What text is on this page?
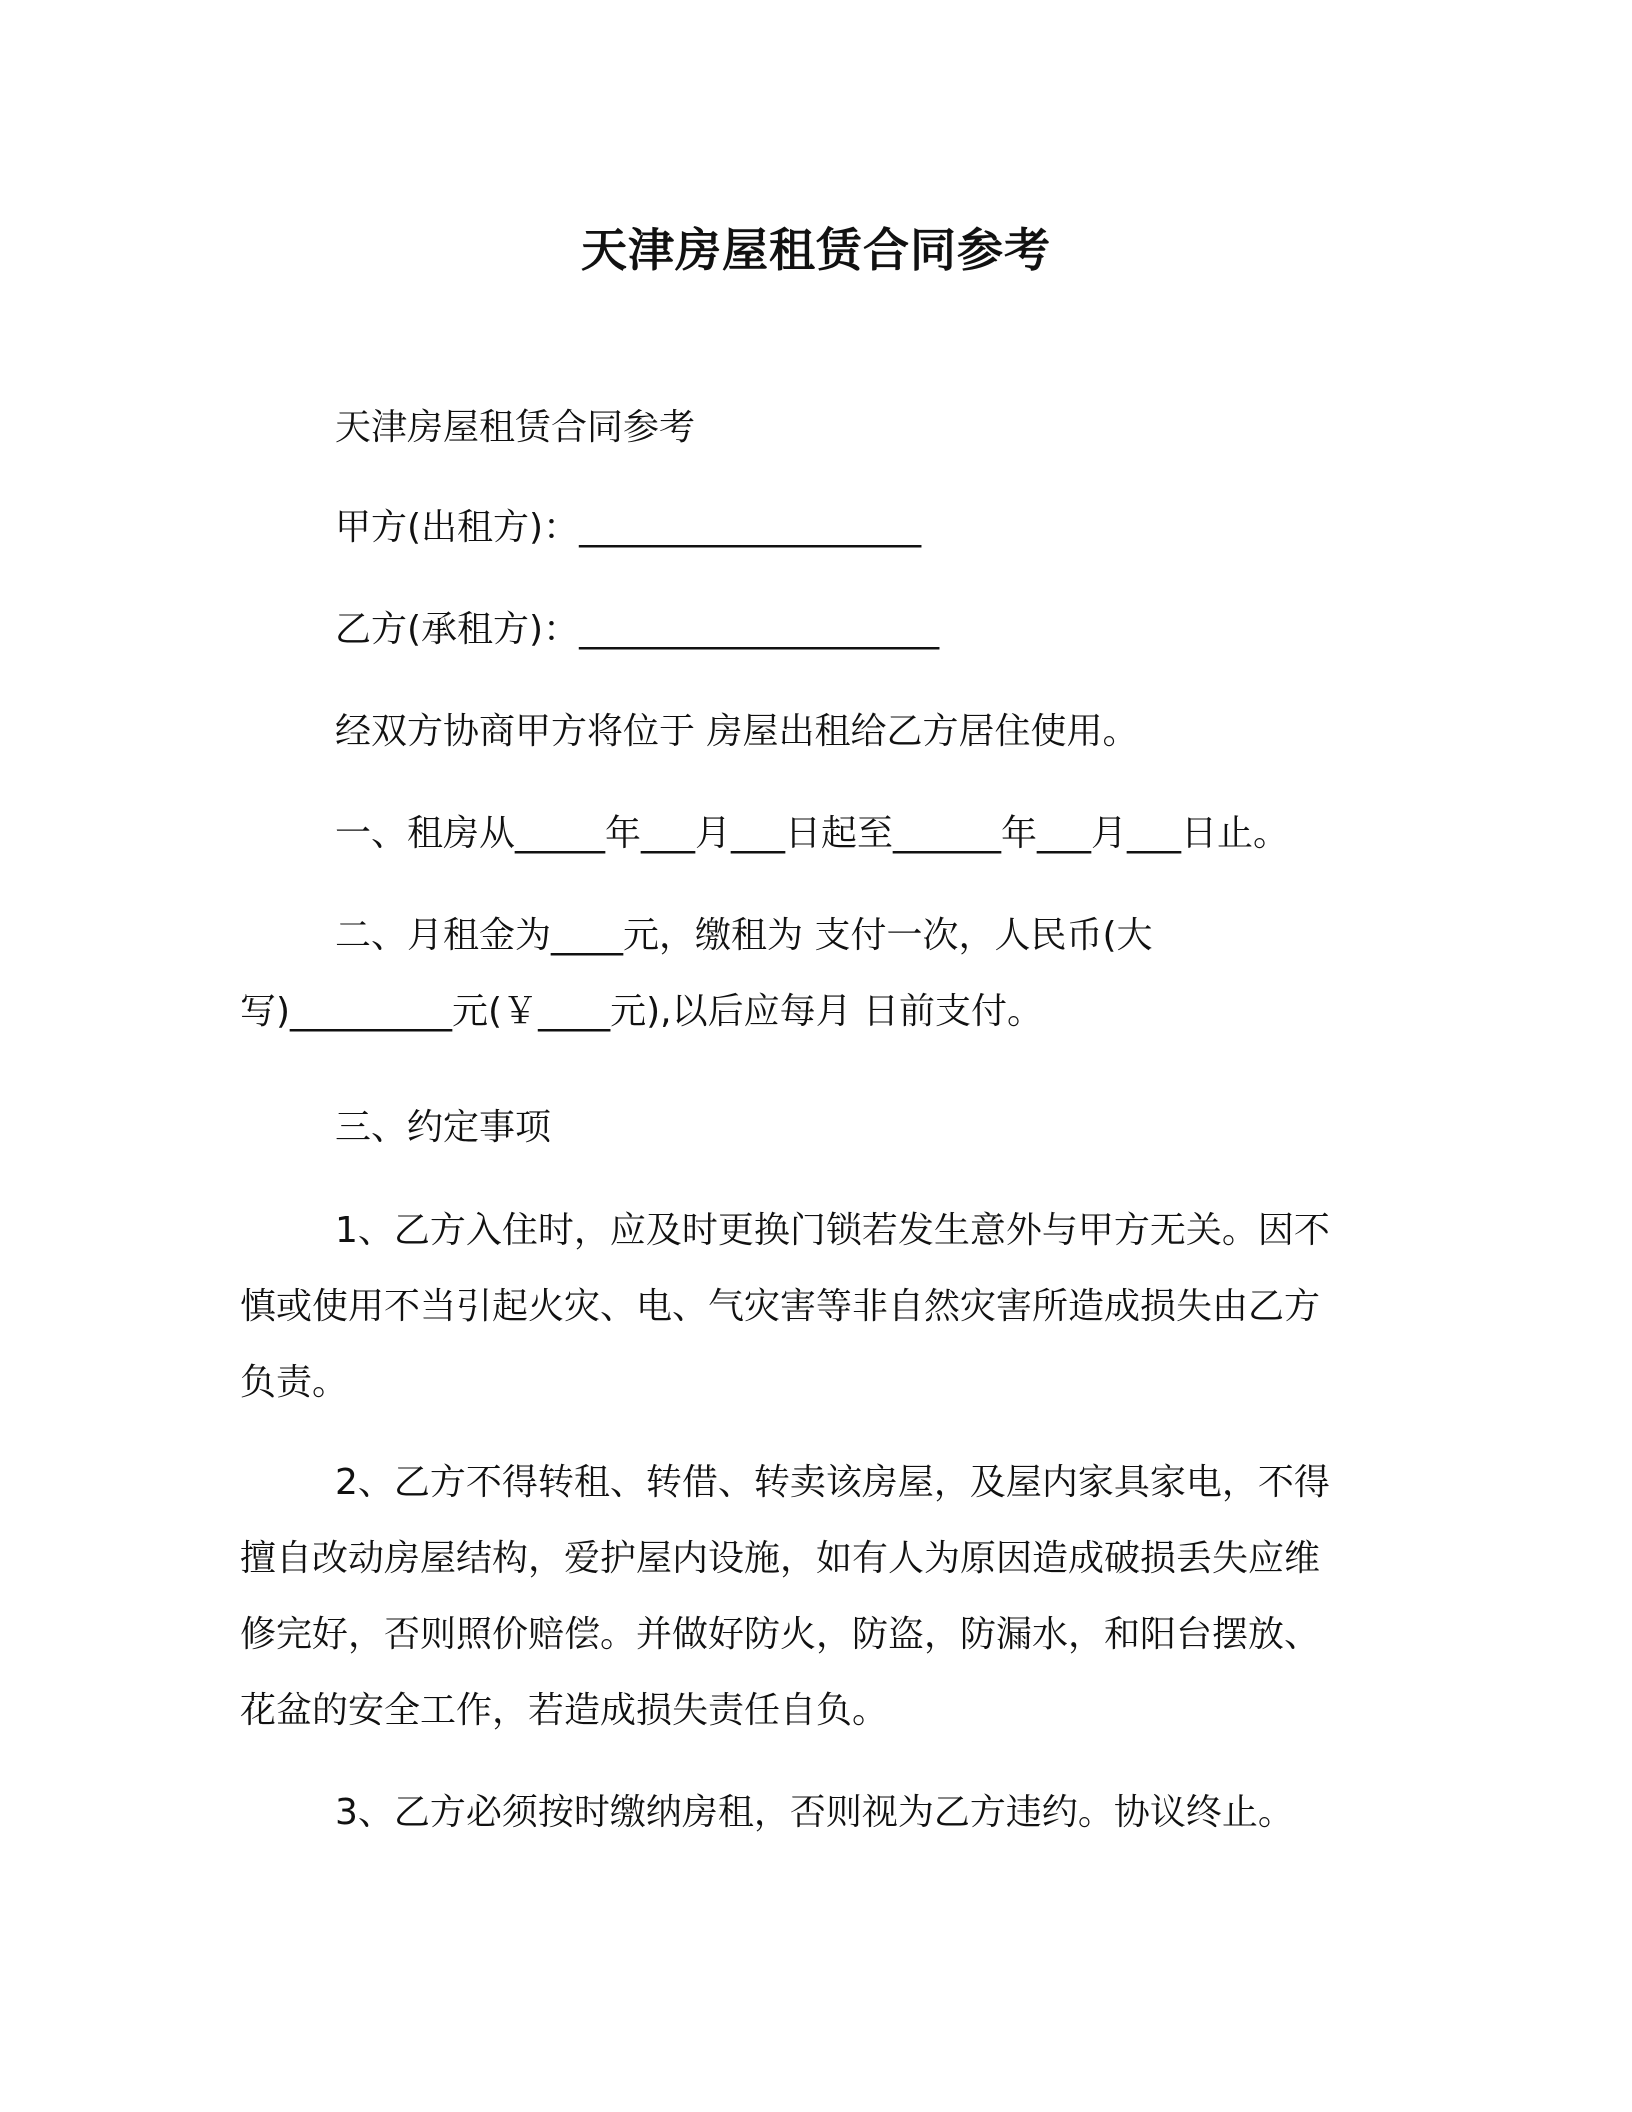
天津房屋租赁合同参考
天津房屋租赁合同参考
甲方(出租方)：___________________
乙方(承租方)：____________________
经双方协商甲方将位于 房屋出租给乙方居住使用。
一、租房从_____年___月___日起至______年___月___日止。
二、月租金为____元，缴租为 支付一次，人民币(大
写)_________元(￥____元),以后应每月 日前支付。
三、约定事项
1、乙方入住时，应及时更换门锁若发生意外与甲方无关。因不
慎或使用不当引起火灾、电、气灾害等非自然灾害所造成损失由乙方
负责。
2、乙方不得转租、转借、转卖该房屋，及屋内家具家电，不得
擅自改动房屋结构，爱护屋内设施，如有人为原因造成破损丢失应维
修完好，否则照价赔偿。并做好防火，防盗，防漏水，和阳台摆放、
花盆的安全工作，若造成损失责任自负。
3、乙方必须按时缴纳房租，否则视为乙方违约。协议终止。
